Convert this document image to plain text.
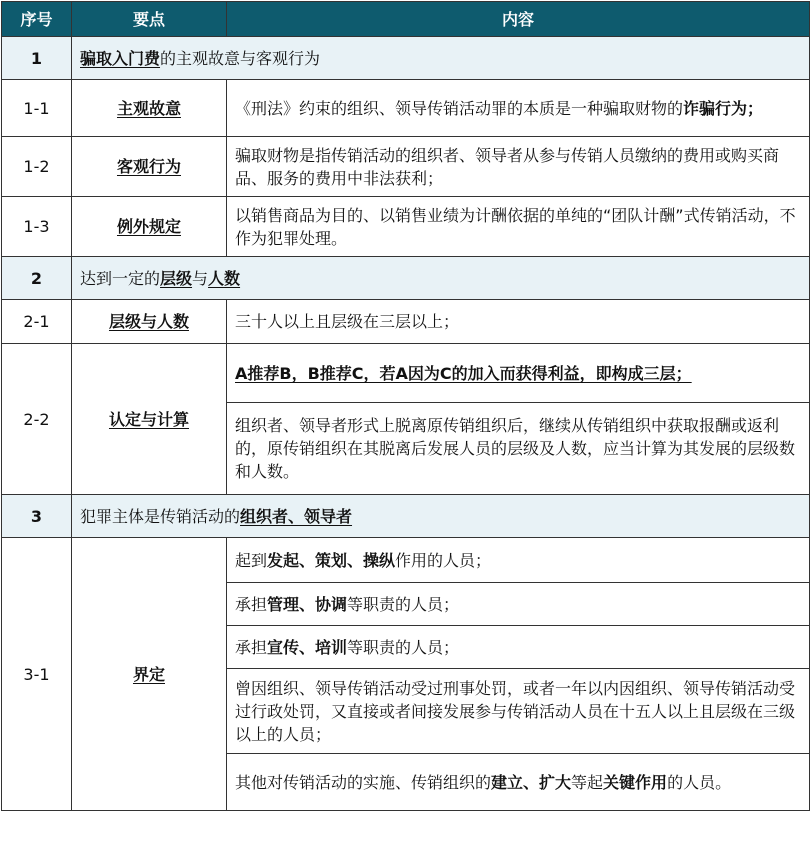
序号	要点	内容
1	骗取入门费的主观故意与客观行为	
1-1	主观故意	《刑法》约束的组织、领导传销活动罪的本质是一种骗取财物的诈骗行为；
1-2	客观行为	骗取财物是指传销活动的组织者、领导者从参与传销人员缴纳的费用或购买商品、服务的费用中非法获利；
1-3	例外规定	以销售商品为目的、以销售业绩为计酬依据的单纯的“团队计酬”式传销活动，不作为犯罪处理。
2	达到一定的层级与人数	
2-1	层级与人数	三十人以上且层级在三层以上；
2-2	认定与计算	A推荐B，B推荐C，若A因为C的加入而获得利益，即构成三层；
		组织者、领导者形式上脱离原传销组织后，继续从传销组织中获取报酬或返利的，原传销组织在其脱离后发展人员的层级及人数，应当计算为其发展的层级数和人数。
3	犯罪主体是传销活动的组织者、领导者	
3-1	界定	起到发起、策划、操纵作用的人员；
		承担管理、协调等职责的人员；
		承担宣传、培训等职责的人员；
		曾因组织、领导传销活动受过刑事处罚，或者一年以内因组织、领导传销活动受过行政处罚，又直接或者间接发展参与传销活动人员在十五人以上且层级在三级以上的人员；
		其他对传销活动的实施、传销组织的建立、扩大等起关键作用的人员。
